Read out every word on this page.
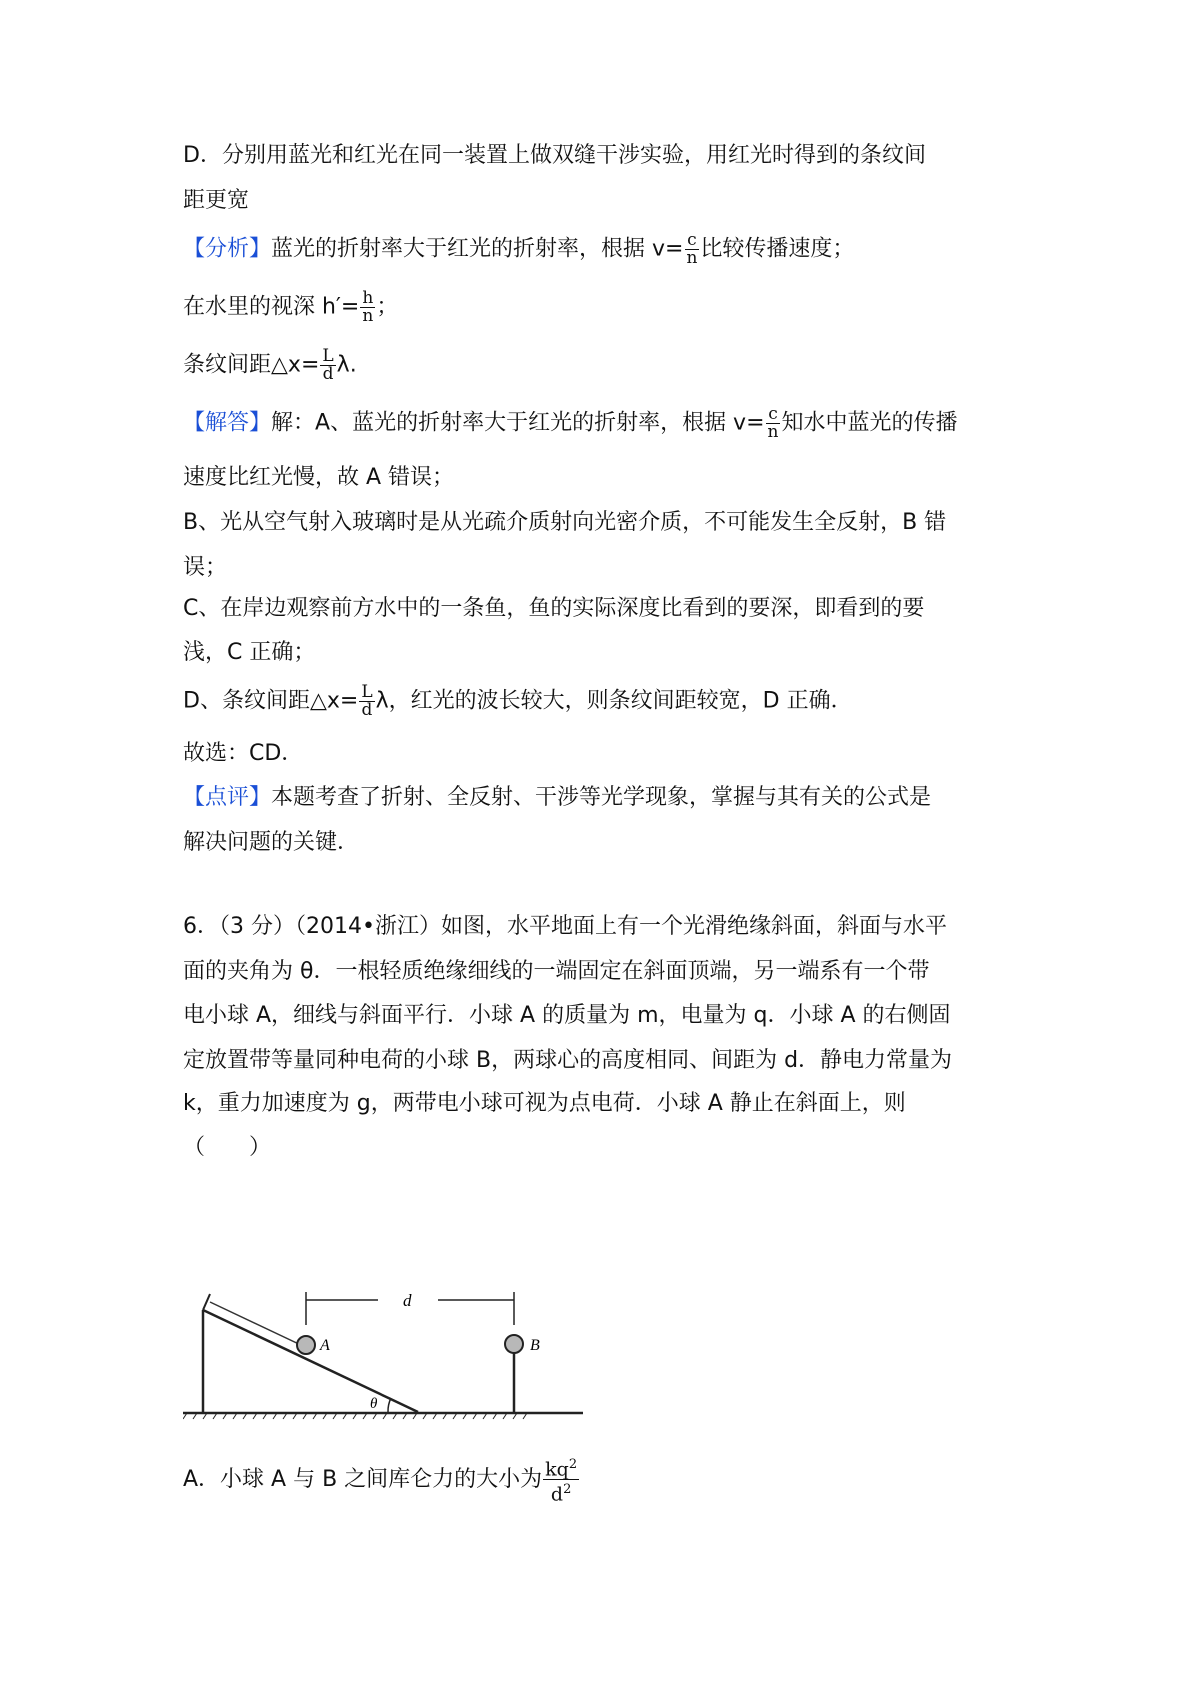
D．分别用蓝光和红光在同一装置上做双缝干涉实验，用红光时得到的条纹间
距更宽
【分析】蓝光的折射率大于红光的折射率，根据 $v= \frac{c}{n}$ 比较传播速度；
在水里的视深 $h'= \frac{h}{n}$ ；
条纹间距△x= $\frac{L}{d} \lambda$.
【解答】解：A、蓝光的折射率大于红光的折射率，根据 $v= \frac{c}{n}$ 知水中蓝光的传播
速度比红光慢，故 A 错误；
B、光从空气射入玻璃时是从光疏介质射向光密介质，不可能发生全反射，B 错
误；
C、在岸边观察前方水中的一条鱼，鱼的实际深度比看到的要深，即看到的要
浅，C 正确；
D、条纹间距△x= $\frac{L}{d}$ λ，红光的波长较大，则条纹间距较宽，D 正确．
故选：CD．
【点评】本题考查了折射、全反射、干涉等光学现象，掌握与其有关的公式是
解决问题的关键．
6．（3 分）（2014•浙江）如图，水平地面上有一个光滑绝缘斜面，斜面与水平
面的夹角为 θ．一根轻质绝缘细线的一端固定在斜面顶端，另一端系有一个带
电小球 A，细线与斜面平行．小球 A 的质量为 m，电量为 q．小球 A 的右侧固
定放置带等量同种电荷的小球 B，两球心的高度相同、间距为 d．静电力常量为
k，重力加速度为 g，两带电小球可视为点电荷．小球 A 静止在斜面上，则
（　　）
A
θ
B
d
A．小球 A 与 B 之间库仑力的大小为 $\frac{kq^2}{d^2}$
